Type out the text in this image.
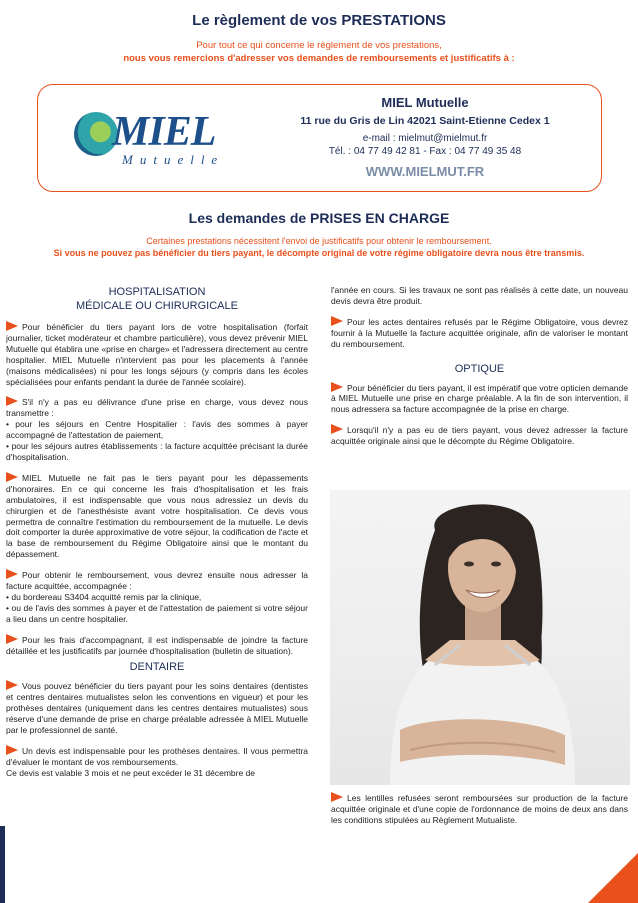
Le règlement de vos PRESTATIONS
Pour tout ce qui concerne le règlement de vos prestations,
nous vous remercions d'adresser vos demandes de remboursements et justificatifs à :
MIEL
Mutuelle
MIEL Mutuelle
11 rue du Gris de Lin 42021 Saint-Etienne Cedex 1
e-mail : mielmut@mielmut.fr
Tél. : 04 77 49 42 81 - Fax : 04 77 49 35 48
WWW.MIELMUT.FR
Les demandes de PRISES EN CHARGE
Certaines prestations nécessitent l'envoi de justificatifs pour obtenir le remboursement.
Si vous ne pouvez pas bénéficier du tiers payant, le décompte original de votre régime obligatoire devra nous être transmis.
HOSPITALISATION
MÉDICALE OU CHIRURGICALE

Pour bénéficier du tiers payant lors de votre hospitalisation (forfait journalier, ticket modérateur et chambre particulière), vous devez prévenir MIEL Mutuelle qui établira une «prise en charge» et l'adressera directement au centre hospitalier. MIEL Mutuelle n'intervient pas pour les placements à l'année (maisons médicalisées) ni pour les longs séjours (y compris dans les écoles spécialisées pour enfants pendant la durée de l'année scolaire).

S'il n'y a pas eu délivrance d'une prise en charge, vous devez nous transmettre :

• pour les séjours en Centre Hospitalier : l'avis des sommes à payer accompagné de l'attestation de paiement,

• pour les séjours autres établissements : la facture acquittée précisant la durée d'hospitalisation.

MIEL Mutuelle ne fait pas le tiers payant pour les dépassements d'honoraires. En ce qui concerne les frais d'hospitalisation et les frais ambulatoires, il est indispensable que vous nous adressiez un devis du chirurgien et de l'anesthésiste avant votre hospitalisation. Ce devis vous permettra de connaître l'estimation du remboursement de la mutuelle. Le devis doit comporter la durée approximative de votre séjour, la codification de l'acte et la base de remboursement du Régime Obligatoire ainsi que le montant du dépassement.

Pour obtenir le remboursement, vous devrez ensuite nous adresser la facture acquittée, accompagnée :

• du bordereau S3404 acquitté remis par la clinique,

• ou de l'avis des sommes à payer et de l'attestation de paiement si votre séjour a lieu dans un centre hospitalier.

Pour les frais d'accompagnant, il est indispensable de joindre la facture détaillée et les justificatifs par journée d'hospitalisation (bulletin de situation).

DENTAIRE

Vous pouvez bénéficier du tiers payant pour les soins dentaires (dentistes et centres dentaires mutualistes selon les conventions en vigueur) et pour les prothèses dentaires (uniquement dans les centres dentaires mutualistes) sous réserve d'une demande de prise en charge préalable adressée à MIEL Mutuelle par le professionnel de santé.

Un devis est indispensable pour les prothèses dentaires. Il vous permettra d'évaluer le montant de vos remboursements.

Ce devis est valable 3 mois et ne peut excéder le 31 décembre de

l'année en cours. Si les travaux ne sont pas réalisés à cette date, un nouveau devis devra être produit.

Pour les actes dentaires refusés par le Régime Obligatoire, vous devrez fournir à la Mutuelle la facture acquittée originale, afin de valoriser le montant du remboursement.

OPTIQUE

Pour bénéficier du tiers payant, il est impératif que votre opticien demande à MIEL Mutuelle une prise en charge préalable. A la fin de son intervention, il nous adressera sa facture accompagnée de la prise en charge.

Lorsqu'il n'y a pas eu de tiers payant, vous devez adresser la facture acquittée originale ainsi que le décompte du Régime Obligatoire.

Les lentilles refusées seront remboursées sur production de la facture acquittée originale et d'une copie de l'ordonnance de moins de deux ans dans les conditions stipulées au Règlement Mutualiste.
